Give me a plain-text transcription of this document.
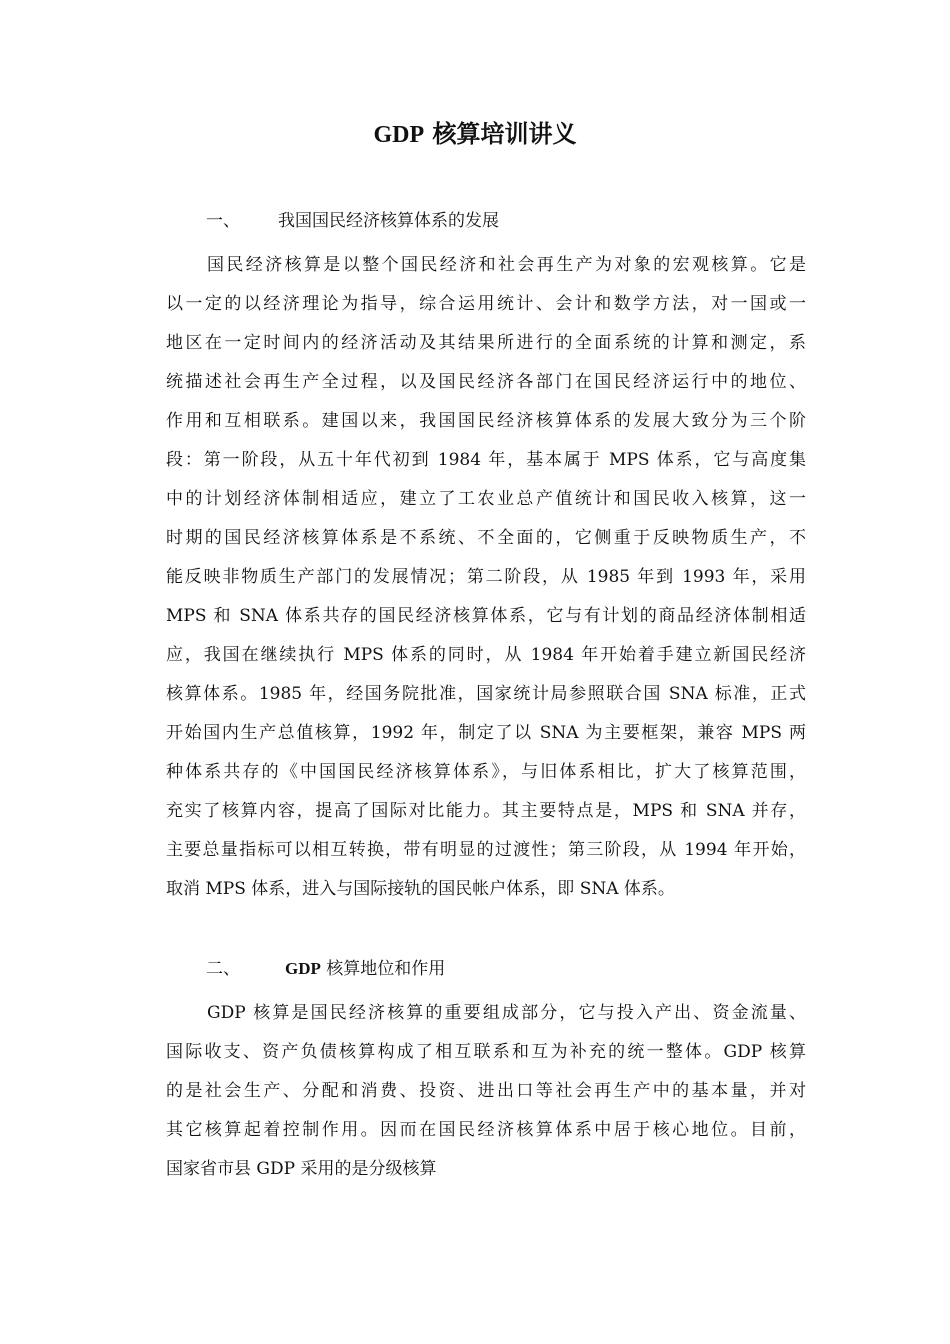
GDP 核算培训讲义
一、 我国国民经济核算体系的发展
国民经济核算是以整个国民经济和社会再生产为对象的宏观核算。它是
以一定的以经济理论为指导，综合运用统计、会计和数学方法，对一国或一
地区在一定时间内的经济活动及其结果所进行的全面系统的计算和测定，系
统描述社会再生产全过程，以及国民经济各部门在国民经济运行中的地位、
作用和互相联系。建国以来，我国国民经济核算体系的发展大致分为三个阶
段：第一阶段，从五十年代初到 1984 年，基本属于 MPS 体系，它与高度集
中的计划经济体制相适应，建立了工农业总产值统计和国民收入核算，这一
时期的国民经济核算体系是不系统、不全面的，它侧重于反映物质生产，不
能反映非物质生产部门的发展情况；第二阶段，从 1985 年到 1993 年，采用
MPS 和 SNA 体系共存的国民经济核算体系，它与有计划的商品经济体制相适
应，我国在继续执行 MPS 体系的同时，从 1984 年开始着手建立新国民经济
核算体系。1985 年，经国务院批准，国家统计局参照联合国 SNA 标准，正式
开始国内生产总值核算，1992 年，制定了以 SNA 为主要框架，兼容 MPS 两
种体系共存的《中国国民经济核算体系》，与旧体系相比，扩大了核算范围，
充实了核算内容，提高了国际对比能力。其主要特点是，MPS 和 SNA 并存，
主要总量指标可以相互转换，带有明显的过渡性；第三阶段，从 1994 年开始，
取消 MPS 体系，进入与国际接轨的国民帐户体系，即 SNA 体系。
二、	GDP 核算地位和作用
GDP 核算是国民经济核算的重要组成部分，它与投入产出、资金流量、
国际收支、资产负债核算构成了相互联系和互为补充的统一整体。GDP 核算
的是社会生产、分配和消费、投资、进出口等社会再生产中的基本量，并对
其它核算起着控制作用。因而在国民经济核算体系中居于核心地位。目前，
国家省市县 GDP 采用的是分级核算
